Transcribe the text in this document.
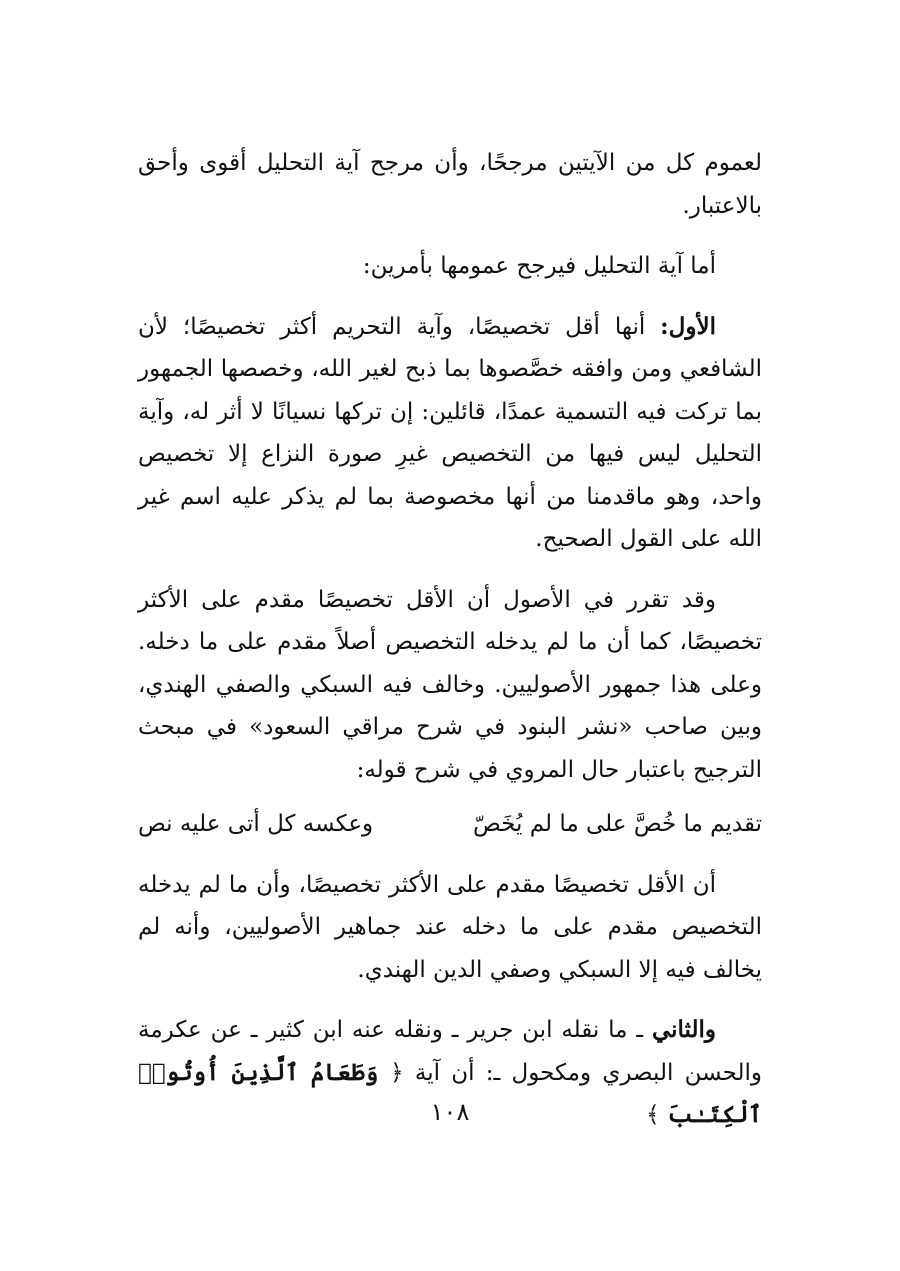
لعموم كل من الآيتين مرجحًا، وأن مرجح آية التحليل أقوى وأحق بالاعتبار.

أما آية التحليل فيرجح عمومها بأمرين:

الأول: أنها أقل تخصيصًا، وآية التحريم أكثر تخصيصًا؛ لأن الشافعي ومن وافقه خصَّصوها بما ذبح لغير الله، وخصصها الجمهور بما تركت فيه التسمية عمدًا، قائلين: إن تركها نسيانًا لا أثر له، وآية التحليل ليس فيها من التخصيص غيرِ صورة النزاع إلا تخصيص واحد، وهو ماقدمنا من أنها مخصوصة بما لم يذكر عليه اسم غير الله على القول الصحيح.

وقد تقرر في الأصول أن الأقل تخصيصًا مقدم على الأكثر تخصيصًا، كما أن ما لم يدخله التخصيص أصلاً مقدم على ما دخله. وعلى هذا جمهور الأصوليين. وخالف فيه السبكي والصفي الهندي، وبين صاحب «نشر البنود في شرح مراقي السعود» في مبحث الترجيح باعتبار حال المروي في شرح قوله:

تقديم ما خُصَّ على ما لم يُخَصّ
وعكسه كل أتى عليه نص

أن الأقل تخصيصًا مقدم على الأكثر تخصيصًا، وأن ما لم يدخله التخصيص مقدم على ما دخله عند جماهير الأصوليين، وأنه لم يخالف فيه إلا السبكي وصفي الدين الهندي.

والثاني ـ ما نقله ابن جرير ـ ونقله عنه ابن كثير ـ عن عكرمة والحسن البصري ومكحول ـ: أن آية ﴿ وَطَعَامُ ٱلَّذِينَ أُوتُوا۟ ٱلْكِتَـٰبَ ﴾

١٠٨
